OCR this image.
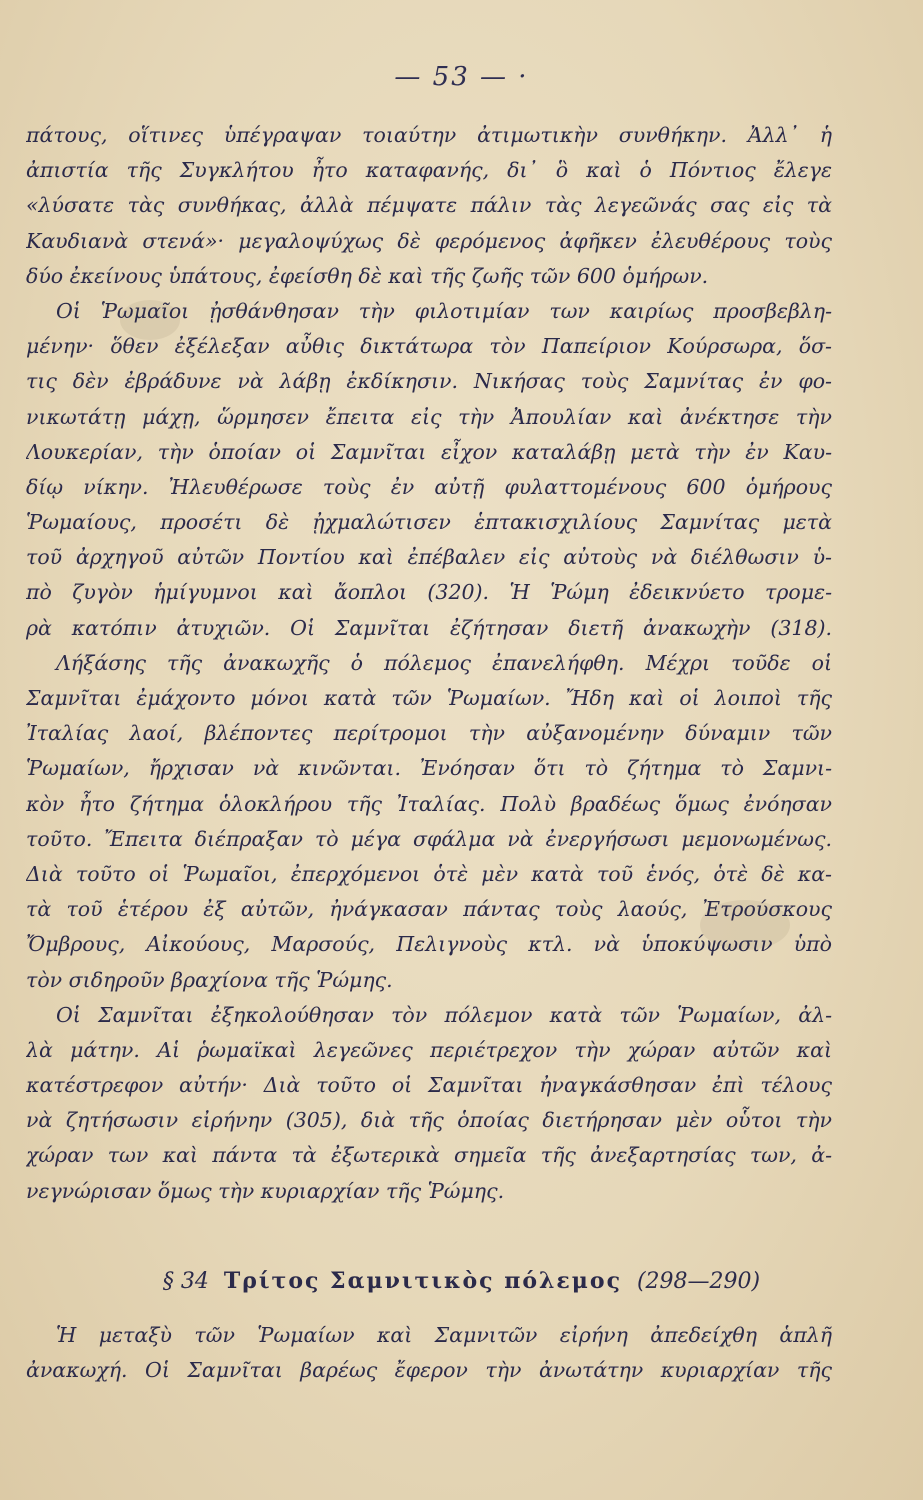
— 53 — ·
πάτους, οἵτινες ὑπέγραψαν τοιαύτην ἀτιμωτικὴν συνθήκην. Ἀλλ᾽ ἡ
ἀπιστία τῆς Συγκλήτου ἦτο καταφανής, δι᾽ ὃ καὶ ὁ Πόντιος ἔλεγε
«λύσατε τὰς συνθήκας, ἀλλὰ πέμψατε πάλιν τὰς λεγεῶνάς σας εἰς τὰ
Καυδιανὰ στενά»· μεγαλοψύχως δὲ φερόμενος ἀφῆκεν ἐλευθέρους τοὺς
δύο ἐκείνους ὑπάτους, ἐφείσθη δὲ καὶ τῆς ζωῆς τῶν 600 ὁμήρων.
Οἱ Ῥωμαῖοι ᾐσθάνθησαν τὴν φιλοτιμίαν των καιρίως προσβεβλη-
μένην· ὅθεν ἐξέλεξαν αὖθις δικτάτωρα τὸν Παπείριον Κούρσωρα, ὅσ-
τις δὲν ἐβράδυνε νὰ λάβῃ ἐκδίκησιν. Νικήσας τοὺς Σαμνίτας ἐν φο-
νικωτάτῃ μάχῃ, ὥρμησεν ἔπειτα εἰς τὴν Ἀπουλίαν καὶ ἀνέκτησε τὴν
Λουκερίαν, τὴν ὁποίαν οἱ Σαμνῖται εἶχον καταλάβῃ μετὰ τὴν ἐν Καυ-
δίῳ νίκην. Ἠλευθέρωσε τοὺς ἐν αὐτῇ φυλαττομένους 600 ὁμήρους
Ῥωμαίους, προσέτι δὲ ᾐχμαλώτισεν ἑπτακισχιλίους Σαμνίτας μετὰ
τοῦ ἀρχηγοῦ αὐτῶν Ποντίου καὶ ἐπέβαλεν εἰς αὐτοὺς νὰ διέλθωσιν ὑ-
πὸ ζυγὸν ἡμίγυμνοι καὶ ἄοπλοι (320). Ἡ Ῥώμη ἐδεικνύετο τρομε-
ρὰ κατόπιν ἀτυχιῶν. Οἱ Σαμνῖται ἐζήτησαν διετῆ ἀνακωχὴν (318).
Λήξάσης τῆς ἀνακωχῆς ὁ πόλεμος ἐπανελήφθη. Μέχρι τοῦδε οἱ
Σαμνῖται ἐμάχοντο μόνοι κατὰ τῶν Ῥωμαίων. Ἤδη καὶ οἱ λοιποὶ τῆς
Ἰταλίας λαοί, βλέποντες περίτρομοι τὴν αὐξανομένην δύναμιν τῶν
Ῥωμαίων, ἤρχισαν νὰ κινῶνται. Ἐνόησαν ὅτι τὸ ζήτημα τὸ Σαμνι-
κὸν ἦτο ζήτημα ὁλοκλήρου τῆς Ἰταλίας. Πολὺ βραδέως ὅμως ἐνόησαν
τοῦτο. Ἔπειτα διέπραξαν τὸ μέγα σφάλμα νὰ ἐνεργήσωσι μεμονωμένως.
Διὰ τοῦτο οἱ Ῥωμαῖοι, ἐπερχόμενοι ὁτὲ μὲν κατὰ τοῦ ἑνός, ὁτὲ δὲ κα-
τὰ τοῦ ἑτέρου ἐξ αὐτῶν, ἠνάγκασαν πάντας τοὺς λαούς, Ἐτρούσκους
Ὄμβρους, Αἰκούους, Μαρσούς, Πελιγνοὺς κτλ. νὰ ὑποκύψωσιν ὑπὸ
τὸν σιδηροῦν βραχίονα τῆς Ῥώμης.
Οἱ Σαμνῖται ἐξηκολούθησαν τὸν πόλεμον κατὰ τῶν Ῥωμαίων, ἀλ-
λὰ μάτην. Αἱ ῥωμαϊκαὶ λεγεῶνες περιέτρεχον τὴν χώραν αὐτῶν καὶ
κατέστρεφον αὐτήν· Διὰ τοῦτο οἱ Σαμνῖται ἠναγκάσθησαν ἐπὶ τέλους
νὰ ζητήσωσιν εἰρήνην (305), διὰ τῆς ὁποίας διετήρησαν μὲν οὗτοι τὴν
χώραν των καὶ πάντα τὰ ἐξωτερικὰ σημεῖα τῆς ἀνεξαρτησίας των, ἀ-
νεγνώρισαν ὅμως τὴν κυριαρχίαν τῆς Ῥώμης.
§ 34 Τρίτος Σαμνιτικὸς πόλεμος (298—290)
Ἡ μεταξὺ τῶν Ῥωμαίων καὶ Σαμνιτῶν εἰρήνη ἀπεδείχθη ἁπλῆ
ἀνακωχή. Οἱ Σαμνῖται βαρέως ἔφερον τὴν ἀνωτάτην κυριαρχίαν τῆς
